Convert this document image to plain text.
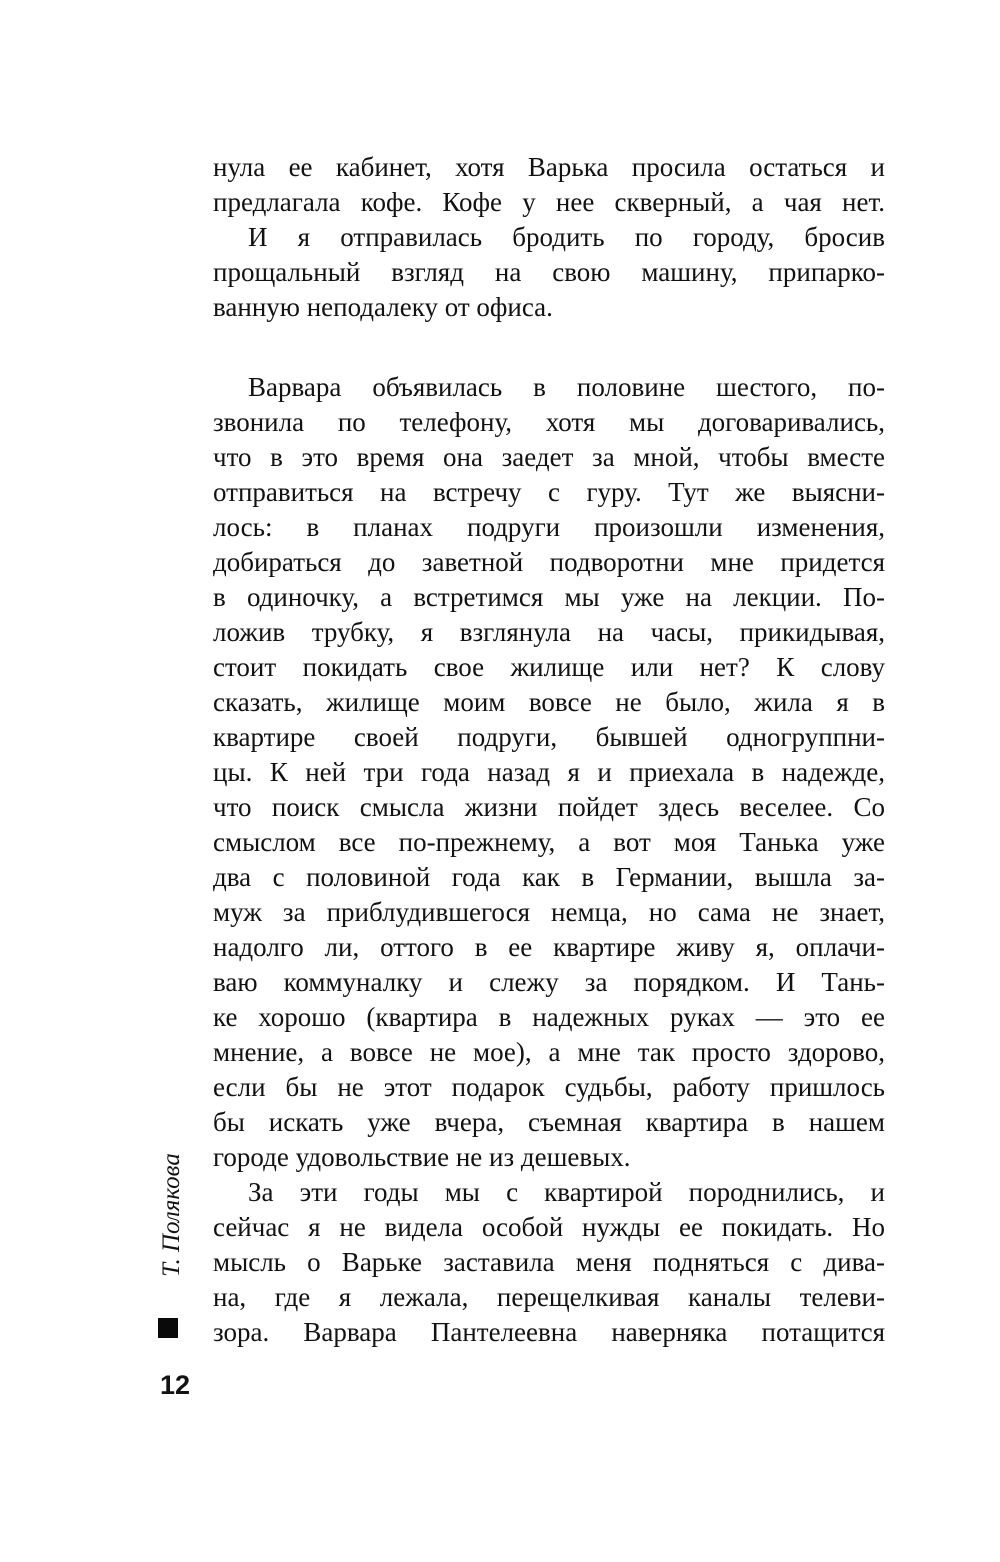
нула ее кабинет, хотя Варька просила остаться и
предлагала кофе. Кофе у нее скверный, а чая нет.
И я отправилась бродить по городу, бросив
прощальный взгляд на свою машину, припарко-
ванную неподалеку от офиса.
Варвара объявилась в половине шестого, по-
звонила по телефону, хотя мы договаривались,
что в это время она заедет за мной, чтобы вместе
отправиться на встречу с гуру. Тут же выясни-
лось: в планах подруги произошли изменения,
добираться до заветной подворотни мне придется
в одиночку, а встретимся мы уже на лекции. По-
ложив трубку, я взглянула на часы, прикидывая,
стоит покидать свое жилище или нет? К слову
сказать, жилище моим вовсе не было, жила я в
квартире своей подруги, бывшей одногруппни-
цы. К ней три года назад я и приехала в надежде,
что поиск смысла жизни пойдет здесь веселее. Со
смыслом все по-прежнему, а вот моя Танька уже
два с половиной года как в Германии, вышла за-
муж за приблудившегося немца, но сама не знает,
надолго ли, оттого в ее квартире живу я, оплачи-
ваю коммуналку и слежу за порядком. И Тань-
ке хорошо (квартира в надежных руках — это ее
мнение, а вовсе не мое), а мне так просто здорово,
если бы не этот подарок судьбы, работу пришлось
бы искать уже вчера, съемная квартира в нашем
городе удовольствие не из дешевых.
За эти годы мы с квартирой породнились, и
сейчас я не видела особой нужды ее покидать. Но
мысль о Варьке заставила меня подняться с дива-
на, где я лежала, перещелкивая каналы телеви-
зора. Варвара Пантелеевна наверняка потащится
Т. Полякова
12
